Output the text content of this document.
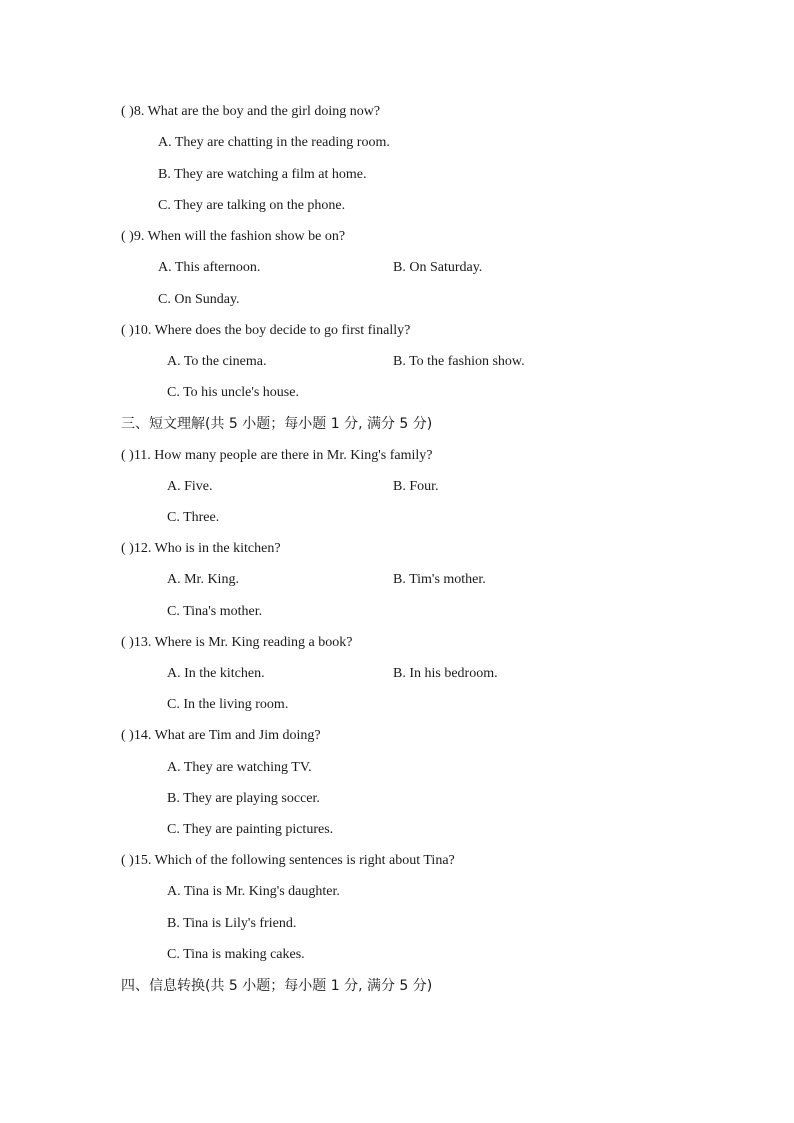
( )8. What are the boy and the girl doing now?
A. They are chatting in the reading room.
B. They are watching a film at home.
C. They are talking on the phone.
( )9. When will the fashion show be on?
A. This afternoon.	B. On Saturday.
C. On Sunday.
( )10. Where does the boy decide to go first finally?
A. To the cinema.	B. To the fashion show.
C. To his uncle's house.
三、短文理解(共 5 小题；每小题 1 分, 满分 5 分)
( )11. How many people are there in Mr. King's family?
A. Five.	B. Four.
C. Three.
( )12. Who is in the kitchen?
A. Mr. King.	B. Tim's mother.
C. Tina's mother.
( )13. Where is Mr. King reading a book?
A. In the kitchen.	B. In his bedroom.
C. In the living room.
( )14. What are Tim and Jim doing?
A. They are watching TV.
B. They are playing soccer.
C. They are painting pictures.
( )15. Which of the following sentences is right about Tina?
A. Tina is Mr. King's daughter.
B. Tina is Lily's friend.
C. Tina is making cakes.
四、信息转换(共 5 小题；每小题 1 分, 满分 5 分)
